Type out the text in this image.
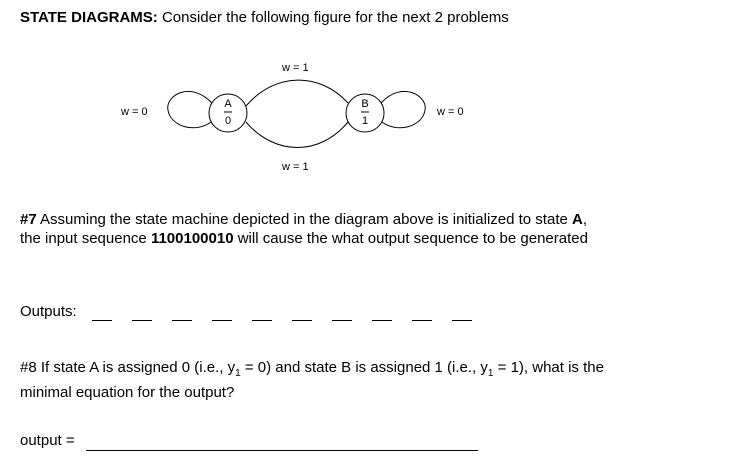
STATE DIAGRAMS: Consider the following figure for the next 2 problems
w = 0
A
0
w = 1
w = 1
B
1
w = 0
#7 Assuming the state machine depicted in the diagram above is initialized to state A,
the input sequence 1100100010 will cause the what output sequence to be generated
Outputs:
#8 If state A is assigned 0 (i.e., $y_1 = 0$) and state B is assigned 1 (i.e., $y_1 = 1$), what is the
minimal equation for the output?
output =
